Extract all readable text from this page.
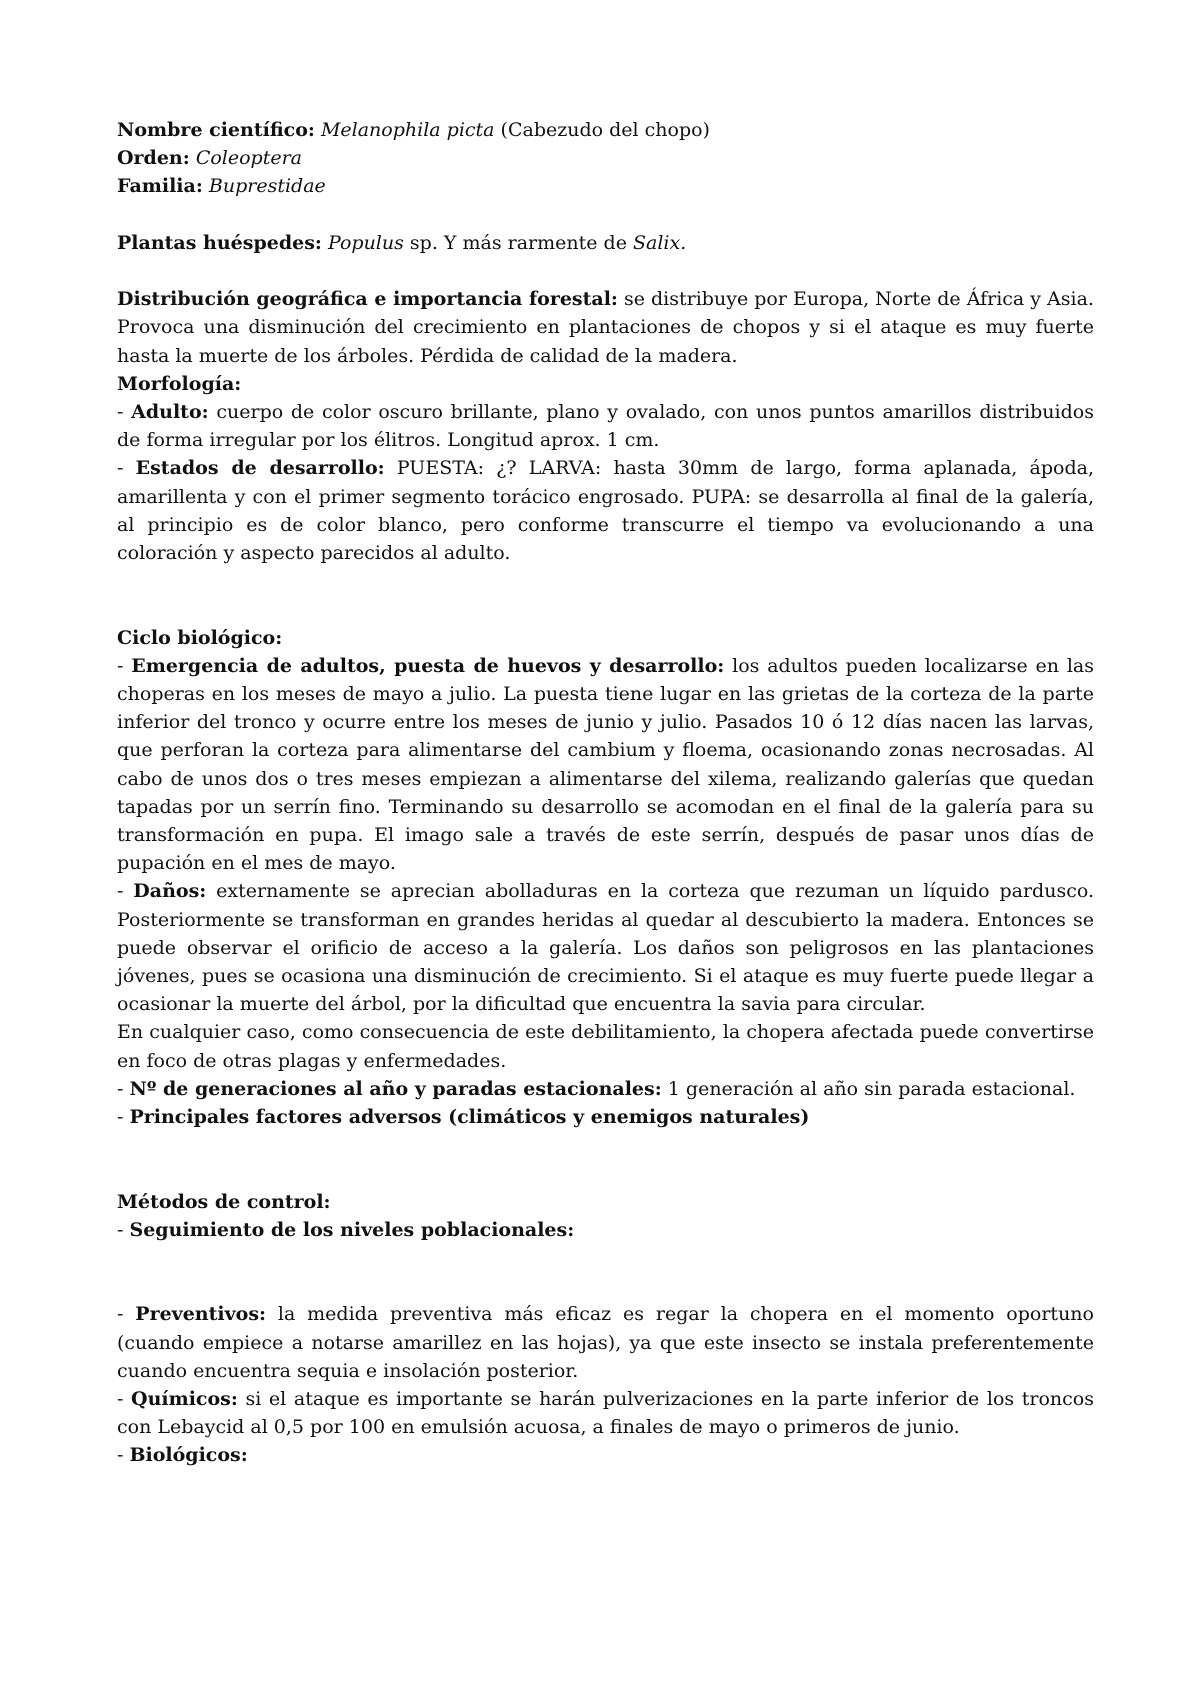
Nombre científico: Melanophila picta (Cabezudo del chopo)
Orden: Coleoptera
Familia: Buprestidae
Plantas huéspedes: Populus sp. Y más rarmente de Salix.
Distribución geográfica e importancia forestal: se distribuye por Europa, Norte de África y Asia. Provoca una disminución del crecimiento en plantaciones de chopos y si el ataque es muy fuerte hasta la muerte de los árboles. Pérdida de calidad de la madera.
Morfología:
- Adulto: cuerpo de color oscuro brillante, plano y ovalado, con unos puntos amarillos distribuidos de forma irregular por los élitros. Longitud aprox. 1 cm.
- Estados de desarrollo: PUESTA: ¿? LARVA: hasta 30mm de largo, forma aplanada, ápoda, amarillenta y con el primer segmento torácico engrosado. PUPA: se desarrolla al final de la galería, al principio es de color blanco, pero conforme transcurre el tiempo va evolucionando a una coloración y aspecto parecidos al adulto.
Ciclo biológico:
- Emergencia de adultos, puesta de huevos y desarrollo: los adultos pueden localizarse en las choperas en los meses de mayo a julio. La puesta tiene lugar en las grietas de la corteza de la parte inferior del tronco y ocurre entre los meses de junio y julio. Pasados 10 ó 12 días nacen las larvas, que perforan la corteza para alimentarse del cambium y floema, ocasionando zonas necrosadas. Al cabo de unos dos o tres meses empiezan a alimentarse del xilema, realizando galerías que quedan tapadas por un serrín fino. Terminando su desarrollo se acomodan en el final de la galería para su transformación en pupa. El imago sale a través de este serrín, después de pasar unos días de pupación en el mes de mayo.
- Daños: externamente se aprecian abolladuras en la corteza que rezuman un líquido pardusco. Posteriormente se transforman en grandes heridas al quedar al descubierto la madera. Entonces se puede observar el orificio de acceso a la galería. Los daños son peligrosos en las plantaciones jóvenes, pues se ocasiona una disminución de crecimiento. Si el ataque es muy fuerte puede llegar a ocasionar la muerte del árbol, por la dificultad que encuentra la savia para circular.
En cualquier caso, como consecuencia de este debilitamiento, la chopera afectada puede convertirse en foco de otras plagas y enfermedades.
- Nº de generaciones al año y paradas estacionales: 1 generación al año sin parada estacional.
- Principales factores adversos (climáticos y enemigos naturales)
Métodos de control:
- Seguimiento de los niveles poblacionales:
- Preventivos: la medida preventiva más eficaz es regar la chopera en el momento oportuno (cuando empiece a notarse amarillez en las hojas), ya que este insecto se instala preferentemente cuando encuentra sequia e insolación posterior.
- Químicos: si el ataque es importante se harán pulverizaciones en la parte inferior de los troncos con Lebaycid al 0,5 por 100 en emulsión acuosa, a finales de mayo o primeros de junio.
- Biológicos:
